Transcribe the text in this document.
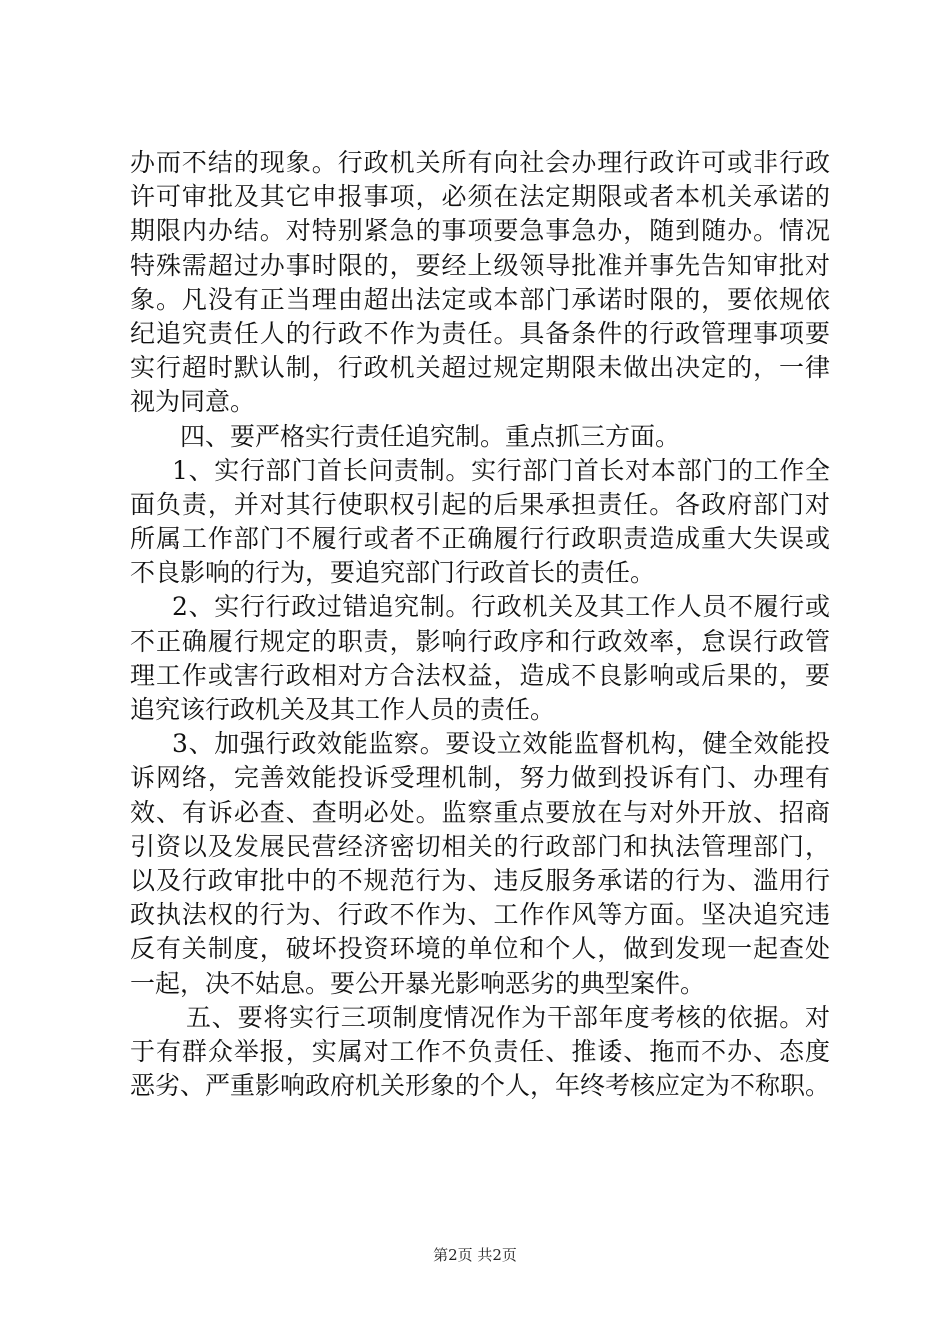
办而不结的现象。行政机关所有向社会办理行政许可或非行政
许可审批及其它申报事项，必须在法定期限或者本机关承诺的
期限内办结。对特别紧急的事项要急事急办，随到随办。情况
特殊需超过办事时限的，要经上级领导批准并事先告知审批对
象。凡没有正当理由超出法定或本部门承诺时限的，要依规依
纪追究责任人的行政不作为责任。具备条件的行政管理事项要
实行超时默认制，行政机关超过规定期限未做出决定的，一律
视为同意。
四、要严格实行责任追究制。重点抓三方面。
1、实行部门首长问责制。实行部门首长对本部门的工作全
面负责，并对其行使职权引起的后果承担责任。各政府部门对
所属工作部门不履行或者不正确履行行政职责造成重大失误或
不良影响的行为，要追究部门行政首长的责任。
2、实行行政过错追究制。行政机关及其工作人员不履行或
不正确履行规定的职责，影响行政序和行政效率，怠误行政管
理工作或害行政相对方合法权益，造成不良影响或后果的，要
追究该行政机关及其工作人员的责任。
3、加强行政效能监察。要设立效能监督机构，健全效能投
诉网络，完善效能投诉受理机制，努力做到投诉有门、办理有
效、有诉必查、查明必处。监察重点要放在与对外开放、招商
引资以及发展民营经济密切相关的行政部门和执法管理部门，
以及行政审批中的不规范行为、违反服务承诺的行为、滥用行
政执法权的行为、行政不作为、工作作风等方面。坚决追究违
反有关制度，破坏投资环境的单位和个人，做到发现一起查处
一起，决不姑息。要公开暴光影响恶劣的典型案件。
五、要将实行三项制度情况作为干部年度考核的依据。对
于有群众举报，实属对工作不负责任、推诿、拖而不办、态度
恶劣、严重影响政府机关形象的个人，年终考核应定为不称职。
第2页 共2页
